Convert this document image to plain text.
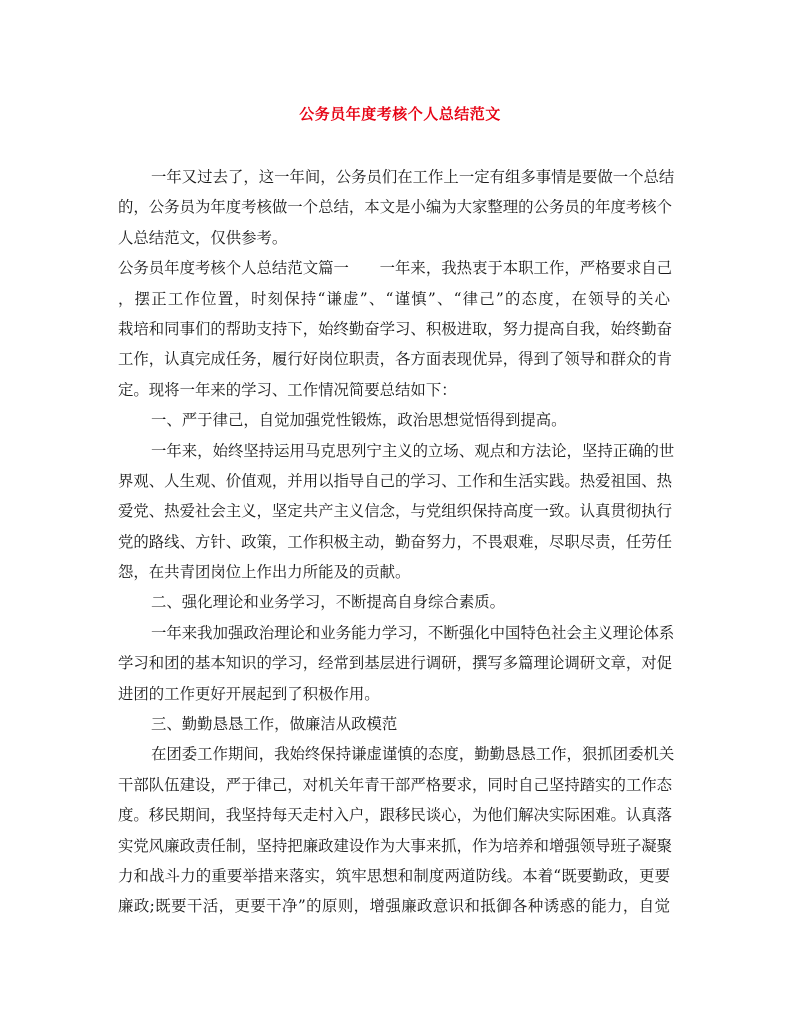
公务员年度考核个人总结范文
一年又过去了，这一年间，公务员们在工作上一定有组多事情是要做一个总结
的，公务员为年度考核做一个总结，本文是小编为大家整理的公务员的年度考核个
人总结范文，仅供参考。
公务员年度考核个人总结范文篇一　　一年来，我热衷于本职工作，严格要求自己
，摆正工作位置，时刻保持“谦虚”、“谨慎”、“律己”的态度，在领导的关心
栽培和同事们的帮助支持下，始终勤奋学习、积极进取，努力提高自我，始终勤奋
工作，认真完成任务，履行好岗位职责，各方面表现优异，得到了领导和群众的肯
定。现将一年来的学习、工作情况简要总结如下：
一、严于律己，自觉加强党性锻炼，政治思想觉悟得到提高。
一年来，始终坚持运用马克思列宁主义的立场、观点和方法论，坚持正确的世
界观、人生观、价值观，并用以指导自己的学习、工作和生活实践。热爱祖国、热
爱党、热爱社会主义，坚定共产主义信念，与党组织保持高度一致。认真贯彻执行
党的路线、方针、政策，工作积极主动，勤奋努力，不畏艰难，尽职尽责，任劳任
怨，在共青团岗位上作出力所能及的贡献。
二、强化理论和业务学习，不断提高自身综合素质。
一年来我加强政治理论和业务能力学习，不断强化中国特色社会主义理论体系
学习和团的基本知识的学习，经常到基层进行调研，撰写多篇理论调研文章，对促
进团的工作更好开展起到了积极作用。
三、勤勤恳恳工作，做廉洁从政模范
在团委工作期间，我始终保持谦虚谨慎的态度，勤勤恳恳工作，狠抓团委机关
干部队伍建设，严于律己，对机关年青干部严格要求，同时自己坚持踏实的工作态
度。移民期间，我坚持每天走村入户，跟移民谈心，为他们解决实际困难。认真落
实党风廉政责任制，坚持把廉政建设作为大事来抓，作为培养和增强领导班子凝聚
力和战斗力的重要举措来落实，筑牢思想和制度两道防线。本着“既要勤政，更要
廉政;既要干活，更要干净”的原则，增强廉政意识和抵御各种诱惑的能力，自觉
